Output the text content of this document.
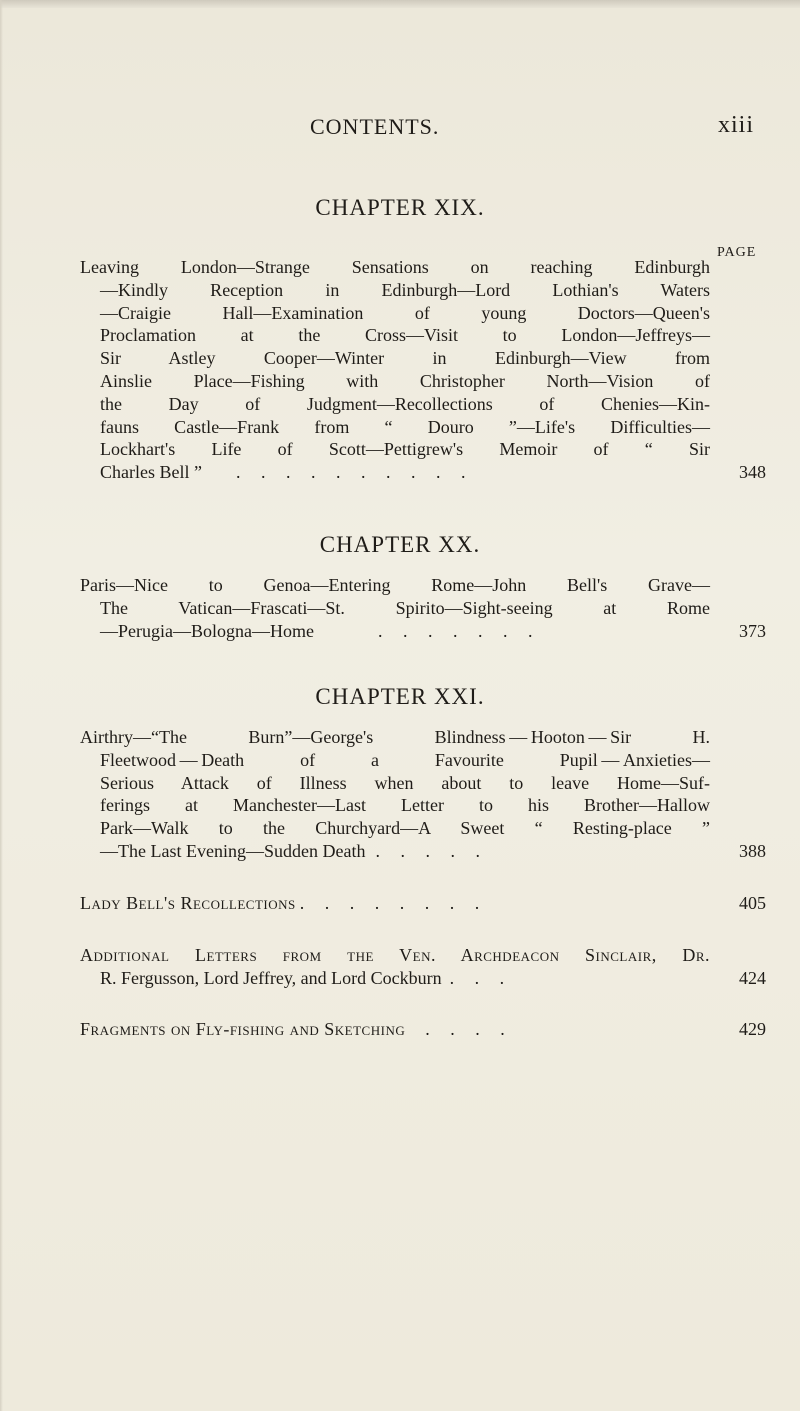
CONTENTS.	xiii
CHAPTER XIX.
PAGE
Leaving London—Strange Sensations on reaching Edinburgh
—Kindly Reception in Edinburgh—Lord Lothian's Waters
—Craigie Hall—Examination of young Doctors—Queen's
Proclamation at the Cross—Visit to London—Jeffreys—
Sir Astley Cooper—Winter in Edinburgh—View from
Ainslie Place—Fishing with Christopher North—Vision of
the Day of Judgment—Recollections of Chenies—Kin-
fauns Castle—Frank from “ Douro ”—Life's Difficulties—
Lockhart's Life of Scott—Pettigrew's Memoir of “ Sir
Charles Bell ” . . . . . . . . . .	348
CHAPTER XX.
Paris—Nice to Genoa—Entering Rome—John Bell's Grave—
The Vatican—Frascati—St. Spirito—Sight-seeing at Rome
—Perugia—Bologna—Home	. . . . . . .	373
CHAPTER XXI.
Airthry—“The Burn”—George's Blindness — Hooton — Sir H.
Fleetwood — Death of a Favourite Pupil — Anxieties—
Serious Attack of Illness when about to leave Home—Suf-
ferings at Manchester—Last Letter to his Brother—Hallow
Park—Walk to the Churchyard—A Sweet “ Resting-place ”
—The Last Evening—Sudden Death . . . . .	388
Lady Bell's Recollections . . . . . . . .	405
Additional Letters from the Ven. Archdeacon Sinclair, Dr.
R. Fergusson, Lord Jeffrey, and Lord Cockburn . . .	424
Fragments on Fly-fishing and Sketching . . . .	429
